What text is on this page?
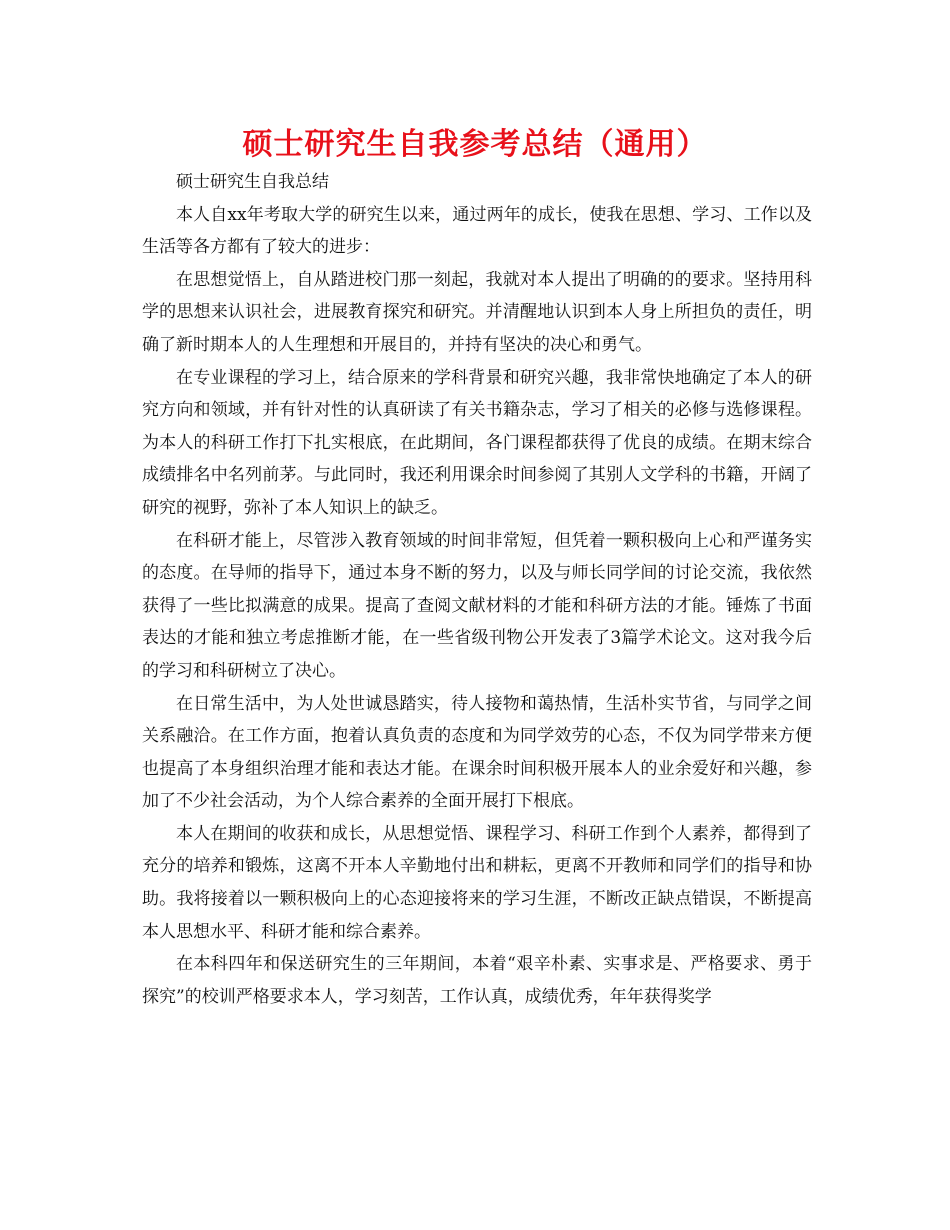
硕士研究生自我参考总结（通用）

硕士研究生自我总结

本人自xx年考取大学的研究生以来，通过两年的成长，使我在思想、学习、工作以及生活等各方都有了较大的进步：

在思想觉悟上，自从踏进校门那一刻起，我就对本人提出了明确的的要求。坚持用科学的思想来认识社会，进展教育探究和研究。并清醒地认识到本人身上所担负的责任，明确了新时期本人的人生理想和开展目的，并持有坚决的决心和勇气。

在专业课程的学习上，结合原来的学科背景和研究兴趣，我非常快地确定了本人的研究方向和领域，并有针对性的认真研读了有关书籍杂志，学习了相关的必修与选修课程。为本人的科研工作打下扎实根底，在此期间，各门课程都获得了优良的成绩。在期末综合成绩排名中名列前茅。与此同时，我还利用课余时间参阅了其别人文学科的书籍，开阔了研究的视野，弥补了本人知识上的缺乏。

在科研才能上，尽管涉入教育领域的时间非常短，但凭着一颗积极向上心和严谨务实的态度。在导师的指导下，通过本身不断的努力，以及与师长同学间的讨论交流，我依然获得了一些比拟满意的成果。提高了查阅文献材料的才能和科研方法的才能。锤炼了书面表达的才能和独立考虑推断才能，在一些省级刊物公开发表了3篇学术论文。这对我今后的学习和科研树立了决心。

在日常生活中，为人处世诚恳踏实，待人接物和蔼热情，生活朴实节省，与同学之间关系融洽。在工作方面，抱着认真负责的态度和为同学效劳的心态，不仅为同学带来方便也提高了本身组织治理才能和表达才能。在课余时间积极开展本人的业余爱好和兴趣，参加了不少社会活动，为个人综合素养的全面开展打下根底。

本人在期间的收获和成长，从思想觉悟、课程学习、科研工作到个人素养，都得到了充分的培养和锻炼，这离不开本人辛勤地付出和耕耘，更离不开教师和同学们的指导和协助。我将接着以一颗积极向上的心态迎接将来的学习生涯，不断改正缺点错误，不断提高本人思想水平、科研才能和综合素养。

在本科四年和保送研究生的三年期间，本着“艰辛朴素、实事求是、严格要求、勇于探究”的校训严格要求本人，学习刻苦，工作认真，成绩优秀，年年获得奖学
